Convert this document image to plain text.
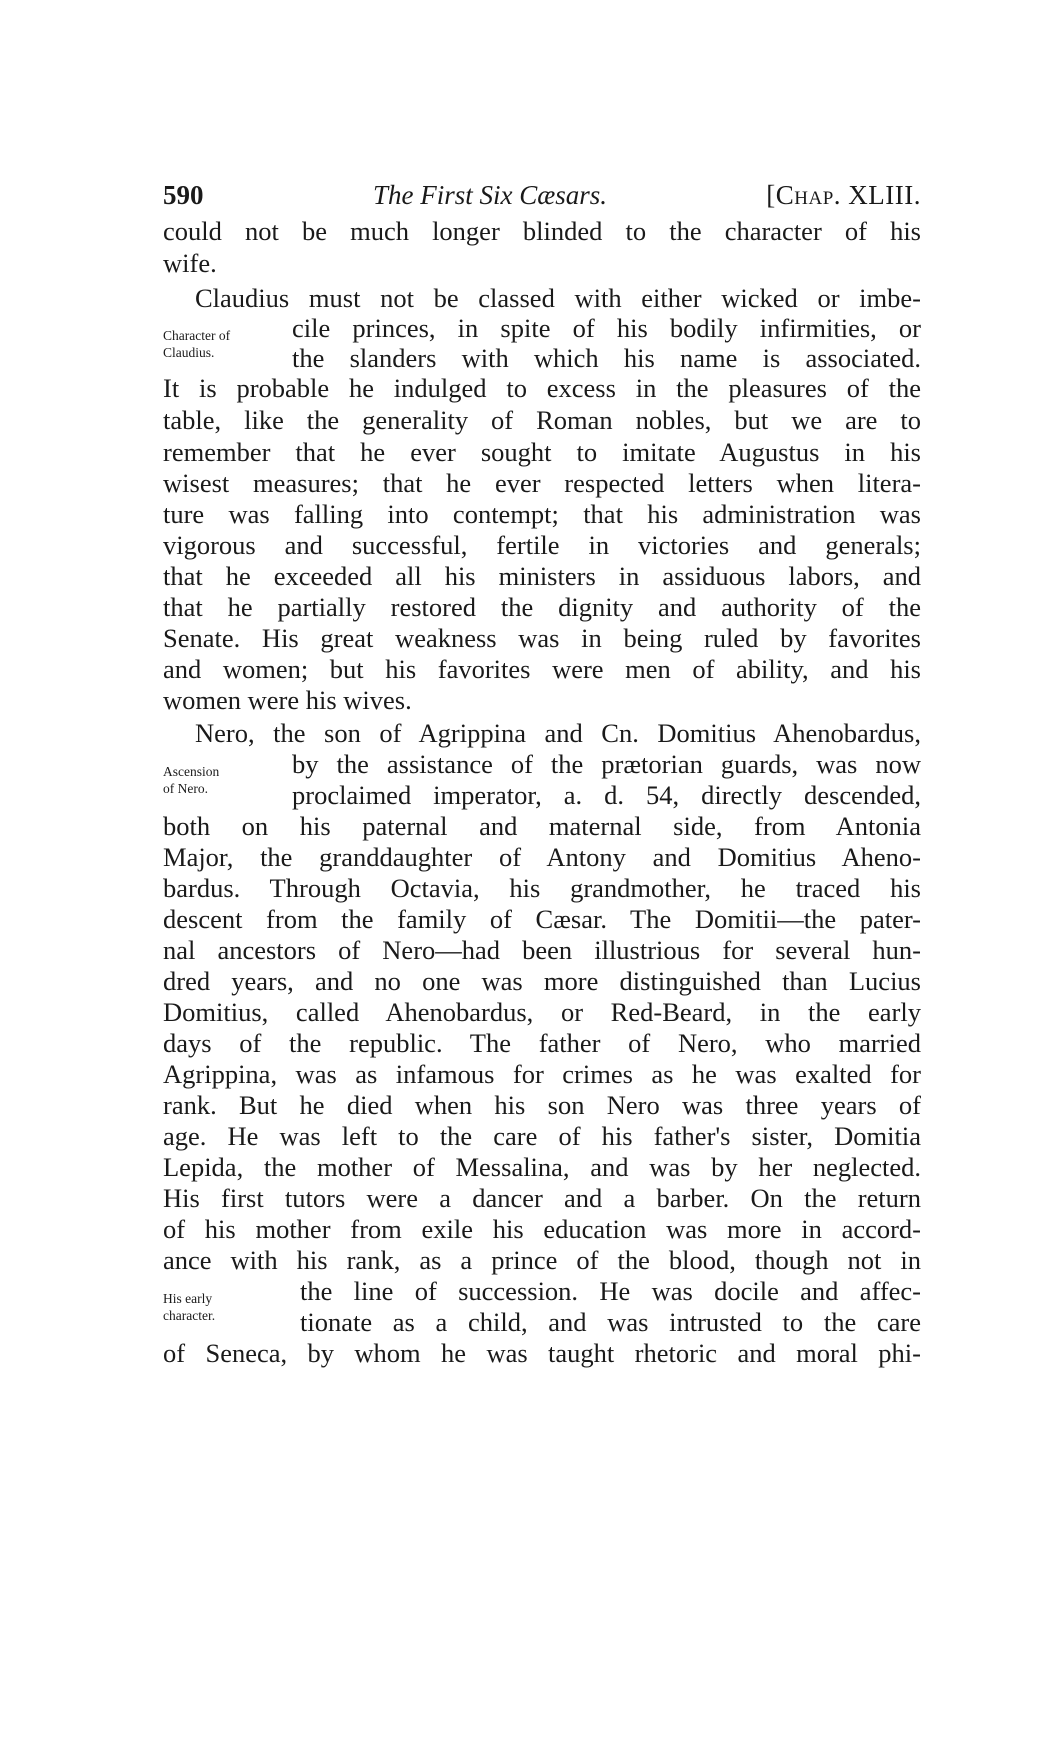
590	The First Six Cæsars.	[Chap. XLIII.
could not be much longer blinded to the character of his
wife.
Claudius must not be classed with either wicked or imbe-
cile princes, in spite of his bodily infirmities, or
the slanders with which his name is associated.
It is probable he indulged to excess in the pleasures of the
table, like the generality of Roman nobles, but we are to
remember that he ever sought to imitate Augustus in his
wisest measures; that he ever respected letters when litera-
ture was falling into contempt; that his administration was
vigorous and successful, fertile in victories and generals;
that he exceeded all his ministers in assiduous labors, and
that he partially restored the dignity and authority of the
Senate. His great weakness was in being ruled by favorites
and women; but his favorites were men of ability, and his
women were his wives.
Nero, the son of Agrippina and Cn. Domitius Ahenobardus,
by the assistance of the prætorian guards, was now
proclaimed imperator, a. d. 54, directly descended,
both on his paternal and maternal side, from Antonia
Major, the granddaughter of Antony and Domitius Aheno-
bardus. Through Octavia, his grandmother, he traced his
descent from the family of Cæsar. The Domitii—the pater-
nal ancestors of Nero—had been illustrious for several hun-
dred years, and no one was more distinguished than Lucius
Domitius, called Ahenobardus, or Red-Beard, in the early
days of the republic. The father of Nero, who married
Agrippina, was as infamous for crimes as he was exalted for
rank. But he died when his son Nero was three years of
age. He was left to the care of his father's sister, Domitia
Lepida, the mother of Messalina, and was by her neglected.
His first tutors were a dancer and a barber. On the return
of his mother from exile his education was more in accord-
ance with his rank, as a prince of the blood, though not in
the line of succession. He was docile and affec-
tionate as a child, and was intrusted to the care
of Seneca, by whom he was taught rhetoric and moral phi-
Character of
Claudius.
Ascension
of Nero.
His early
character.
